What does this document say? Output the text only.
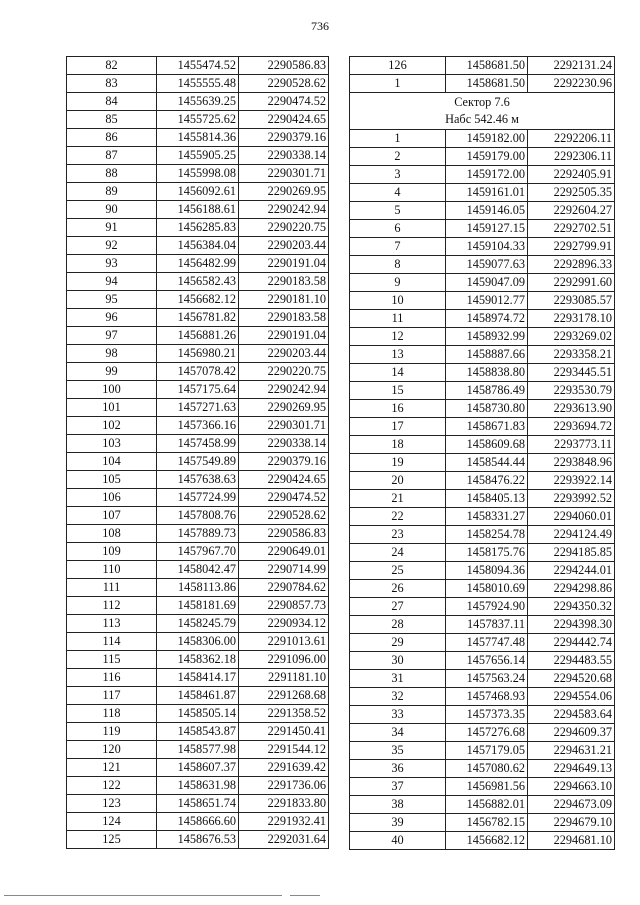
736
82	1455474.52	2290586.83
83	1455555.48	2290528.62
84	1455639.25	2290474.52
85	1455725.62	2290424.65
86	1455814.36	2290379.16
87	1455905.25	2290338.14
88	1455998.08	2290301.71
89	1456092.61	2290269.95
90	1456188.61	2290242.94
91	1456285.83	2290220.75
92	1456384.04	2290203.44
93	1456482.99	2290191.04
94	1456582.43	2290183.58
95	1456682.12	2290181.10
96	1456781.82	2290183.58
97	1456881.26	2290191.04
98	1456980.21	2290203.44
99	1457078.42	2290220.75
100	1457175.64	2290242.94
101	1457271.63	2290269.95
102	1457366.16	2290301.71
103	1457458.99	2290338.14
104	1457549.89	2290379.16
105	1457638.63	2290424.65
106	1457724.99	2290474.52
107	1457808.76	2290528.62
108	1457889.73	2290586.83
109	1457967.70	2290649.01
110	1458042.47	2290714.99
111	1458113.86	2290784.62
112	1458181.69	2290857.73
113	1458245.79	2290934.12
114	1458306.00	2291013.61
115	1458362.18	2291096.00
116	1458414.17	2291181.10
117	1458461.87	2291268.68
118	1458505.14	2291358.52
119	1458543.87	2291450.41
120	1458577.98	2291544.12
121	1458607.37	2291639.42
122	1458631.98	2291736.06
123	1458651.74	2291833.80
124	1458666.60	2291932.41
125	1458676.53	2292031.64
126	1458681.50	2292131.24
1	1458681.50	2292230.96

Сектор 7.6
Набс 542.46 м		

1	1459182.00	2292206.11
2	1459179.00	2292306.11
3	1459172.00	2292405.91
4	1459161.01	2292505.35
5	1459146.05	2292604.27
6	1459127.15	2292702.51
7	1459104.33	2292799.91
8	1459077.63	2292896.33
9	1459047.09	2292991.60
10	1459012.77	2293085.57
11	1458974.72	2293178.10
12	1458932.99	2293269.02
13	1458887.66	2293358.21
14	1458838.80	2293445.51
15	1458786.49	2293530.79
16	1458730.80	2293613.90
17	1458671.83	2293694.72
18	1458609.68	2293773.11
19	1458544.44	2293848.96
20	1458476.22	2293922.14
21	1458405.13	2293992.52
22	1458331.27	2294060.01
23	1458254.78	2294124.49
24	1458175.76	2294185.85
25	1458094.36	2294244.01
26	1458010.69	2294298.86
27	1457924.90	2294350.32
28	1457837.11	2294398.30
29	1457747.48	2294442.74
30	1457656.14	2294483.55
31	1457563.24	2294520.68
32	1457468.93	2294554.06
33	1457373.35	2294583.64
34	1457276.68	2294609.37
35	1457179.05	2294631.21
36	1457080.62	2294649.13
37	1456981.56	2294663.10
38	1456882.01	2294673.09
39	1456782.15	2294679.10
40	1456682.12	2294681.10
